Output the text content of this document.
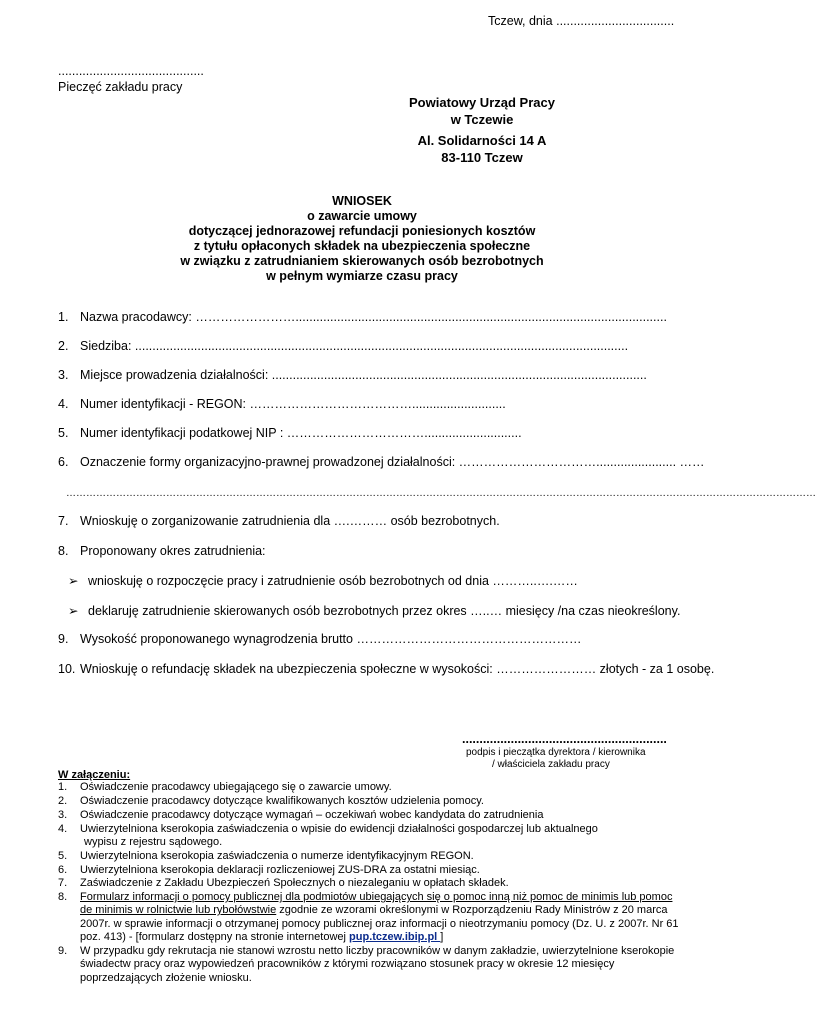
Tczew, dnia ..................................
..........................................
Pieczęć zakładu pracy
Powiatowy Urząd Pracy
w Tczewie
Al. Solidarności 14 A
83-110 Tczew
WNIOSEK
o zawarcie umowy
dotyczącej jednorazowej refundacji poniesionych kosztów
z tytułu opłaconych składek na ubezpieczenia społeczne
w związku z zatrudnianiem skierowanych osób bezrobotnych
w pełnym wymiarze czasu pracy
1. Nazwa pracodawcy: ……………………...........................................................................................................
2. Siedziba: ..............................................................................................................................................
3. Miejsce prowadzenia działalności: ............................................................................................................
4. Numer identyfikacji - REGON: …………………………………...........................
5. Numer identyfikacji podatkowej NIP : ……………………………............................
6. Oznaczenie formy organizacyjno-prawnej prowadzonej działalności: ……………………………....................... ……
………………………………………………………………………………………………………………………………………………………………………………………………………
7. Wnioskuję o zorganizowanie zatrudnienia dla ….……… osób bezrobotnych.
8. Proponowany okres zatrudnienia:
➢ wnioskuję o rozpoczęcie pracy i zatrudnienie osób bezrobotnych od dnia ………..….……
➢ deklaruję zatrudnienie skierowanych osób bezrobotnych przez okres …..… miesięcy /na czas nieokreślony.
9. Wysokość proponowanego wynagrodzenia brutto ………………………………………………
10. Wnioskuję o refundację składek na ubezpieczenia społeczne w wysokości: …………………… złotych - za 1 osobę.
...........................................................
podpis i pieczątka dyrektora / kierownika
/ właściciela zakładu pracy
W załączeniu:
1. Oświadczenie pracodawcy ubiegającego się o zawarcie umowy.
2. Oświadczenie pracodawcy dotyczące kwalifikowanych kosztów udzielenia pomocy.
3. Oświadczenie pracodawcy dotyczące wymagań – oczekiwań wobec kandydata do zatrudnienia
4. Uwierzytelniona kserokopia zaświadczenia o wpisie do ewidencji działalności gospodarczej lub aktualnego
wypisu z rejestru sądowego.
5. Uwierzytelniona kserokopia zaświadczenia o numerze identyfikacyjnym REGON.
6. Uwierzytelniona kserokopia deklaracji rozliczeniowej ZUS-DRA za ostatni miesiąc.
7. Zaświadczenie z Zakładu Ubezpieczeń Społecznych o niezaleganiu w opłatach składek.
8. Formularz informacji o pomocy publicznej dla podmiotów ubiegających się o pomoc inną niż pomoc de minimis lub pomoc
de minimis w rolnictwie lub rybołówstwie zgodnie ze wzorami określonymi w Rozporządzeniu Rady Ministrów z 20 marca
2007r. w sprawie informacji o otrzymanej pomocy publicznej oraz informacji o nieotrzymaniu pomocy (Dz. U. z 2007r. Nr 61
poz. 413) - [formularz dostępny na stronie internetowej pup.tczew.ibip.pl ]
9. W przypadku gdy rekrutacja nie stanowi wzrostu netto liczby pracowników w danym zakładzie, uwierzytelnione kserokopie
świadectw pracy oraz wypowiedzeń pracowników z którymi rozwiązano stosunek pracy w okresie 12 miesięcy
poprzedzających złożenie wniosku.
